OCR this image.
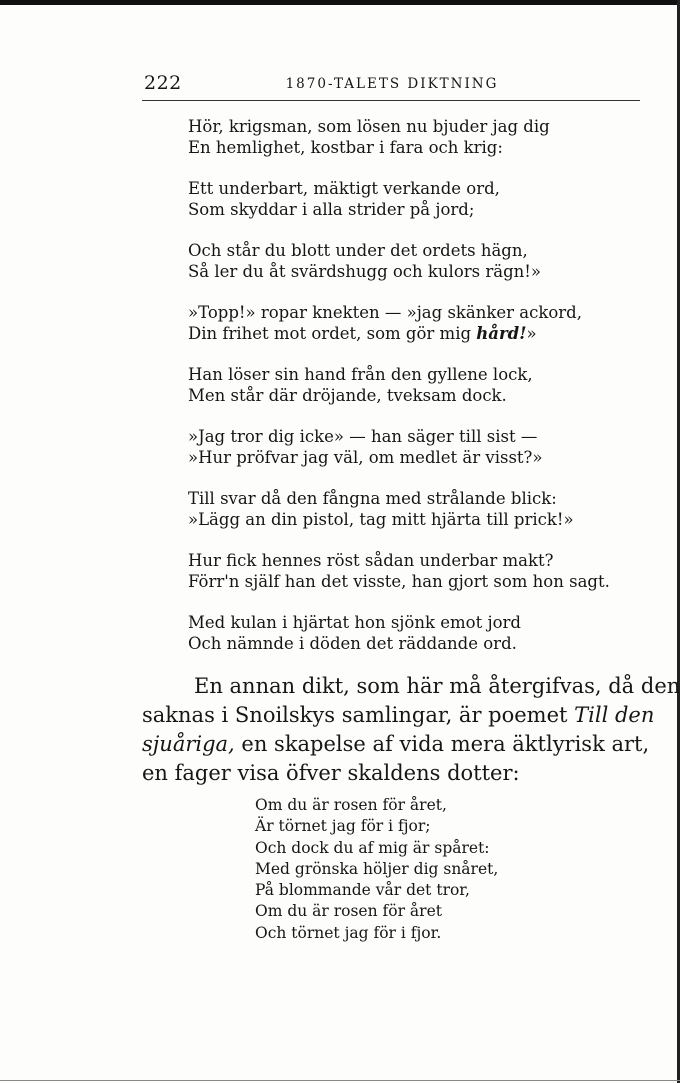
222	1870-TALETS DIKTNING
Hör, krigsman, som lösen nu bjuder jag dig
En hemlighet, kostbar i fara och krig:
Ett underbart, mäktigt verkande ord,
Som skyddar i alla strider på jord;
Och står du blott under det ordets hägn,
Så ler du åt svärdshugg och kulors rägn!»
»Topp!» ropar knekten — »jag skänker ackord,
Din frihet mot ordet, som gör mig hård!»
Han löser sin hand från den gyllene lock,
Men står där dröjande, tveksam dock.
»Jag tror dig icke» — han säger till sist —
»Hur pröfvar jag väl, om medlet är visst?»
Till svar då den fångna med strålande blick:
»Lägg an din pistol, tag mitt hjärta till prick!»
Hur fick hennes röst sådan underbar makt?
Förr'n själf han det visste, han gjort som hon sagt.
Med kulan i hjärtat hon sjönk emot jord
Och nämnde i döden det räddande ord.
En annan dikt, som här må återgifvas, då den
saknas i Snoilskys samlingar, är poemet Till den
sjuåriga, en skapelse af vida mera äktlyrisk art,
en fager visa öfver skaldens dotter:
Om du är rosen för året,
Är törnet jag för i fjor;
Och dock du af mig är spåret:
Med grönska höljer dig snåret,
På blommande vår det tror,
Om du är rosen för året
Och törnet jag för i fjor.
